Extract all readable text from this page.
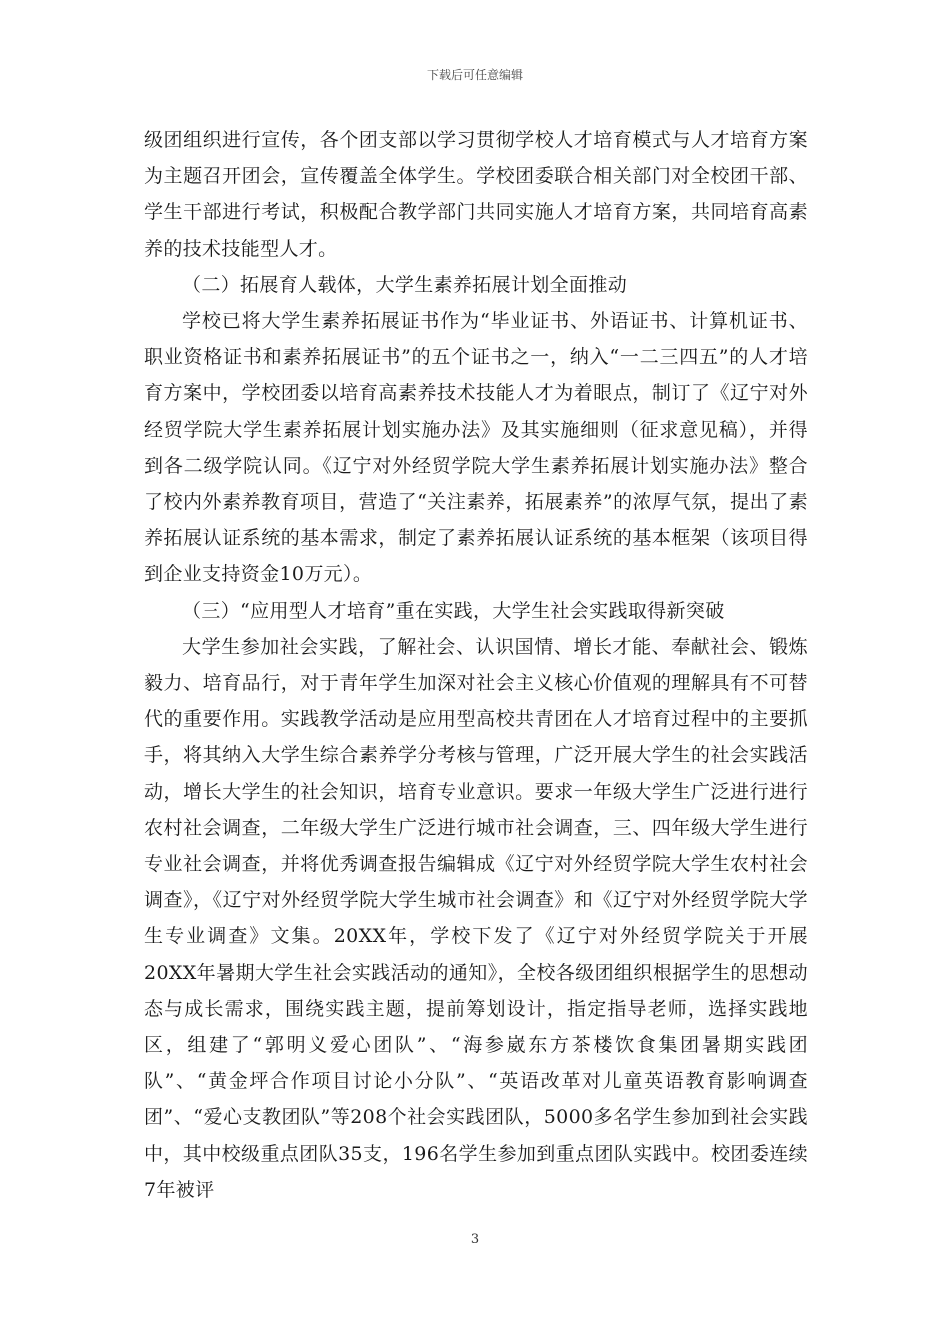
下载后可任意编辑

级团组织进行宣传，各个团支部以学习贯彻学校人才培育模式与人才培育方案为主题召开团会，宣传覆盖全体学生。学校团委联合相关部门对全校团干部、学生干部进行考试，积极配合教学部门共同实施人才培育方案，共同培育高素养的技术技能型人才。

（二）拓展育人载体，大学生素养拓展计划全面推动

学校已将大学生素养拓展证书作为“毕业证书、外语证书、计算机证书、职业资格证书和素养拓展证书”的五个证书之一，纳入“一二三四五”的人才培育方案中，学校团委以培育高素养技术技能人才为着眼点，制订了《辽宁对外经贸学院大学生素养拓展计划实施办法》及其实施细则（征求意见稿），并得到各二级学院认同。《辽宁对外经贸学院大学生素养拓展计划实施办法》整合了校内外素养教育项目，营造了“关注素养，拓展素养”的浓厚气氛，提出了素养拓展认证系统的基本需求，制定了素养拓展认证系统的基本框架（该项目得到企业支持资金10万元）。

（三）“应用型人才培育”重在实践，大学生社会实践取得新突破

大学生参加社会实践，了解社会、认识国情、增长才能、奉献社会、锻炼毅力、培育品行，对于青年学生加深对社会主义核心价值观的理解具有不可替代的重要作用。实践教学活动是应用型高校共青团在人才培育过程中的主要抓手，将其纳入大学生综合素养学分考核与管理，广泛开展大学生的社会实践活动，增长大学生的社会知识，培育专业意识。要求一年级大学生广泛进行进行农村社会调查，二年级大学生广泛进行城市社会调查，三、四年级大学生进行专业社会调查，并将优秀调查报告编辑成《辽宁对外经贸学院大学生农村社会调查》，《辽宁对外经贸学院大学生城市社会调查》和《辽宁对外经贸学院大学生专业调查》文集。20XX年，学校下发了《辽宁对外经贸学院关于开展20XX年暑期大学生社会实践活动的通知》，全校各级团组织根据学生的思想动态与成长需求，围绕实践主题，提前筹划设计，指定指导老师，选择实践地区，组建了“郭明义爱心团队”、“海参崴东方茶楼饮食集团暑期实践团队”、“黄金坪合作项目讨论小分队”、“英语改革对儿童英语教育影响调查团”、“爱心支教团队”等208个社会实践团队，5000多名学生参加到社会实践中，其中校级重点团队35支，196名学生参加到重点团队实践中。校团委连续7年被评

3
